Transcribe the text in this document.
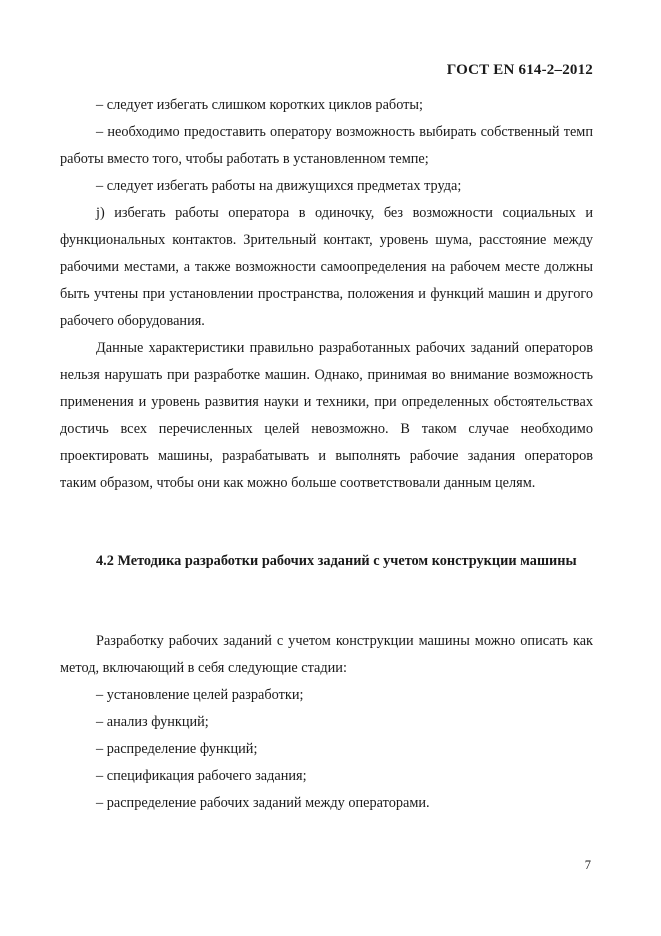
ГОСТ EN 614-2–2012

– следует избегать слишком коротких циклов работы;

– необходимо предоставить оператору возможность выбирать собственный темп работы вместо того, чтобы работать в установленном темпе;

– следует избегать работы на движущихся предметах труда;

j) избегать работы оператора в одиночку, без возможности социальных и функциональных контактов. Зрительный контакт, уровень шума, расстояние между рабочими местами, а также возможности самоопределения на рабочем месте должны быть учтены при установлении пространства, положения и функций машин и другого рабочего оборудования.

Данные характеристики правильно разработанных рабочих заданий операторов нельзя нарушать при разработке машин. Однако, принимая во внимание возможность применения и уровень развития науки и техники, при определенных обстоятельствах достичь всех перечисленных целей невозможно. В таком случае необходимо проектировать машины, разрабатывать и выполнять рабочие задания операторов таким образом, чтобы они как можно больше соответствовали данным целям.

4.2 Методика разработки рабочих заданий с учетом конструкции машины

Разработку рабочих заданий с учетом конструкции машины можно описать как метод, включающий в себя следующие стадии:

– установление целей разработки;

– анализ функций;

– распределение функций;

– спецификация рабочего задания;

– распределение рабочих заданий между операторами.

7
